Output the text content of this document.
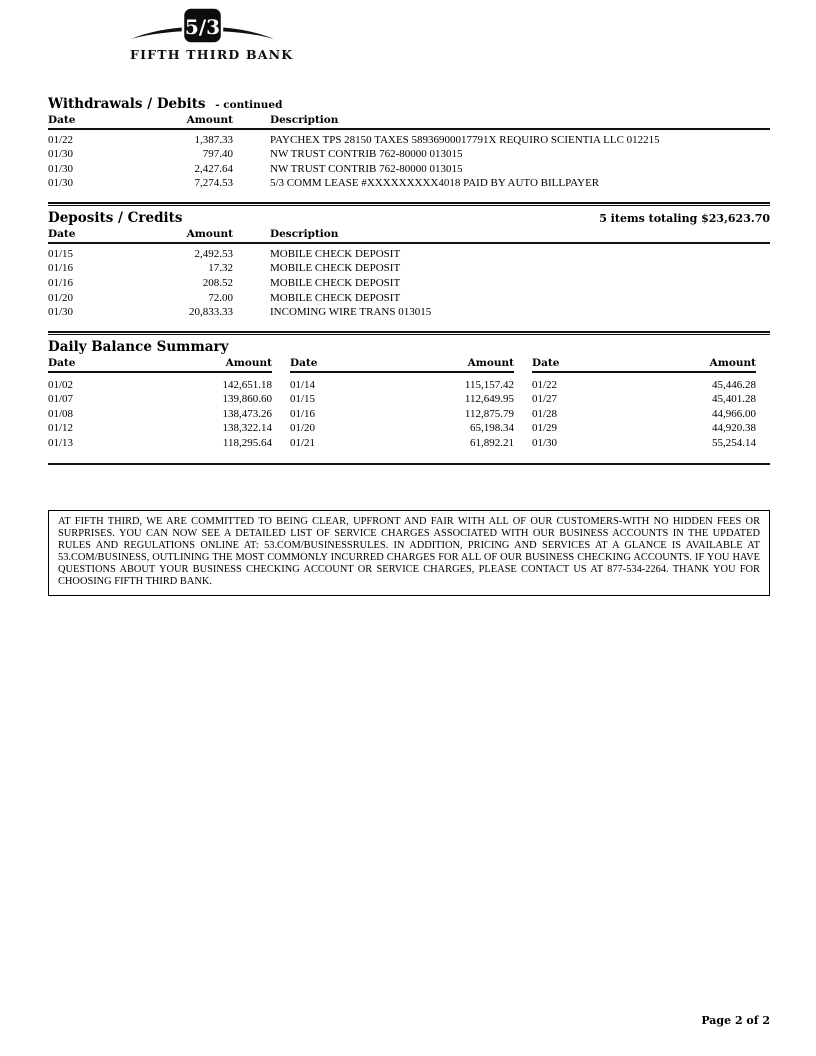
5/3
FIFTH THIRD BANK
Withdrawals / Debits - continued
Date	Amount	Description
01/22	1,387.33	PAYCHEX TPS 28150 TAXES 58936900017791X REQUIRO SCIENTIA LLC 012215
01/30	797.40	NW TRUST CONTRIB 762-80000 013015
01/30	2,427.64	NW TRUST CONTRIB 762-80000 013015
01/30	7,274.53	5/3 COMM LEASE #XXXXXXXXX4018 PAID BY AUTO BILLPAYER
Deposits / Credits	5 items totaling $23,623.70
Date	Amount	Description
01/15	2,492.53	MOBILE CHECK DEPOSIT
01/16	17.32	MOBILE CHECK DEPOSIT
01/16	208.52	MOBILE CHECK DEPOSIT
01/20	72.00	MOBILE CHECK DEPOSIT
01/30	20,833.33	INCOMING WIRE TRANS 013015
Daily Balance Summary
Date	Amount
01/02	142,651.18
01/07	139,860.60
01/08	138,473.26
01/12	138,322.14
01/13	118,295.64
Date	Amount
01/14	115,157.42
01/15	112,649.95
01/16	112,875.79
01/20	65,198.34
01/21	61,892.21
Date	Amount
01/22	45,446.28
01/27	45,401.28
01/28	44,966.00
01/29	44,920.38
01/30	55,254.14

AT FIFTH THIRD, WE ARE COMMITTED TO BEING CLEAR, UPFRONT AND FAIR WITH ALL OF OUR CUSTOMERS-WITH NO HIDDEN FEES OR SURPRISES. YOU CAN NOW SEE A DETAILED LIST OF SERVICE CHARGES ASSOCIATED WITH OUR BUSINESS ACCOUNTS IN THE UPDATED RULES AND REGULATIONS ONLINE AT: 53.COM/BUSINESSRULES. IN ADDITION, PRICING AND SERVICES AT A GLANCE IS AVAILABLE AT 53.COM/BUSINESS, OUTLINING THE MOST COMMONLY INCURRED CHARGES FOR ALL OF OUR BUSINESS CHECKING ACCOUNTS. IF YOU HAVE QUESTIONS ABOUT YOUR BUSINESS CHECKING ACCOUNT OR SERVICE CHARGES, PLEASE CONTACT US AT 877-534-2264. THANK YOU FOR CHOOSING FIFTH THIRD BANK.

Page 2 of 2
